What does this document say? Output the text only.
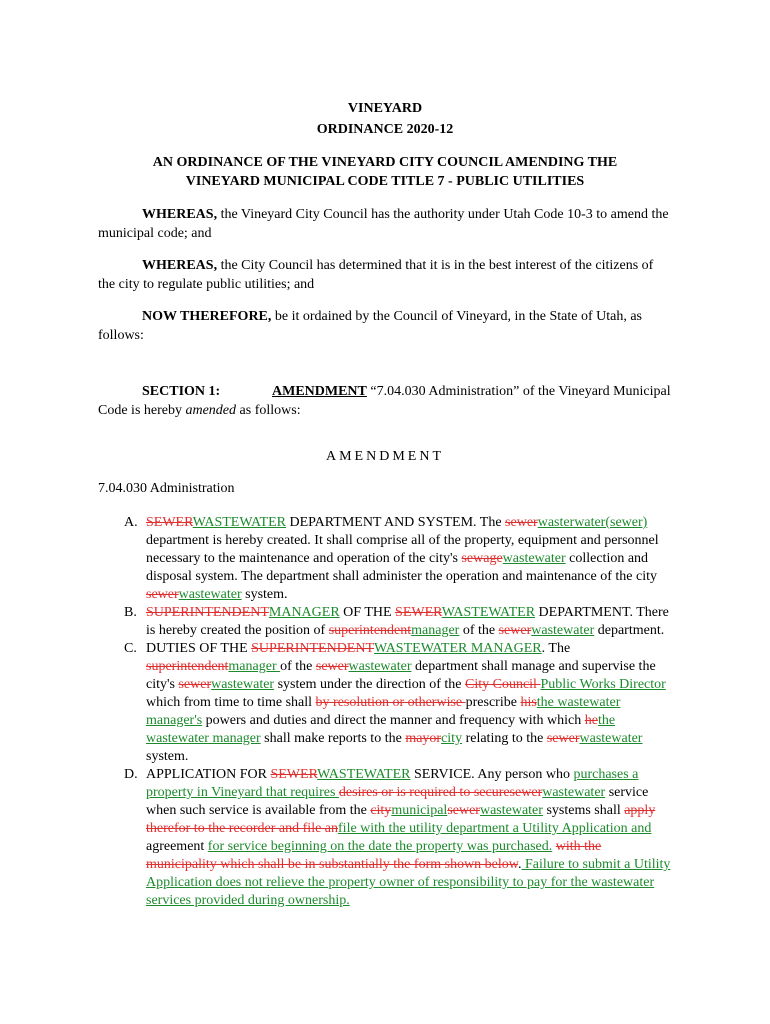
VINEYARD
ORDINANCE 2020-12
AN ORDINANCE OF THE VINEYARD CITY COUNCIL AMENDING THE
VINEYARD MUNICIPAL CODE TITLE 7 - PUBLIC UTILITIES
WHEREAS, the Vineyard City Council has the authority under Utah Code 10-3 to amend the municipal code; and
WHEREAS, the City Council has determined that it is in the best interest of the citizens of the city to regulate public utilities; and
NOW THEREFORE, be it ordained by the Council of Vineyard, in the State of Utah, as follows:
SECTION 1:	AMENDMENT “7.04.030 Administration” of the Vineyard Municipal Code is hereby amended as follows:
AMENDMENT
7.04.030 Administration
A. SEWERWASTEWATER DEPARTMENT AND SYSTEM. The sewerwasterwater(sewer) department is hereby created. It shall comprise all of the property, equipment and personnel necessary to the maintenance and operation of the city's sewagewastewater collection and disposal system. The department shall administer the operation and maintenance of the city sewerwastewater system.
B. SUPERINTENDENTMANAGER OF THE SEWERWASTEWATER DEPARTMENT. There is hereby created the position of superintendentmanager of the sewerwastewater department.
C. DUTIES OF THE SUPERINTENDENTWASTEWATER MANAGER. The superintendentmanager of the sewerwastewater department shall manage and supervise the city's sewerwastewater system under the direction of the City Council Public Works Director which from time to time shall by resolution or otherwise prescribe histhe wastewater manager's powers and duties and direct the manner and frequency with which hethe wastewater manager shall make reports to the mayorcity relating to the sewerwastewater system.
D. APPLICATION FOR SEWERWASTEWATER SERVICE. Any person who purchases a property in Vineyard that requires desires or is required to securesewerwastewater service when such service is available from the citymunicipalsewerwastewater systems shall apply therefor to the recorder and file anfile with the utility department a Utility Application and agreement for service beginning on the date the property was purchased. with the municipality which shall be in substantially the form shown below. Failure to submit a Utility Application does not relieve the property owner of responsibility to pay for the wastewater services provided during ownership.
